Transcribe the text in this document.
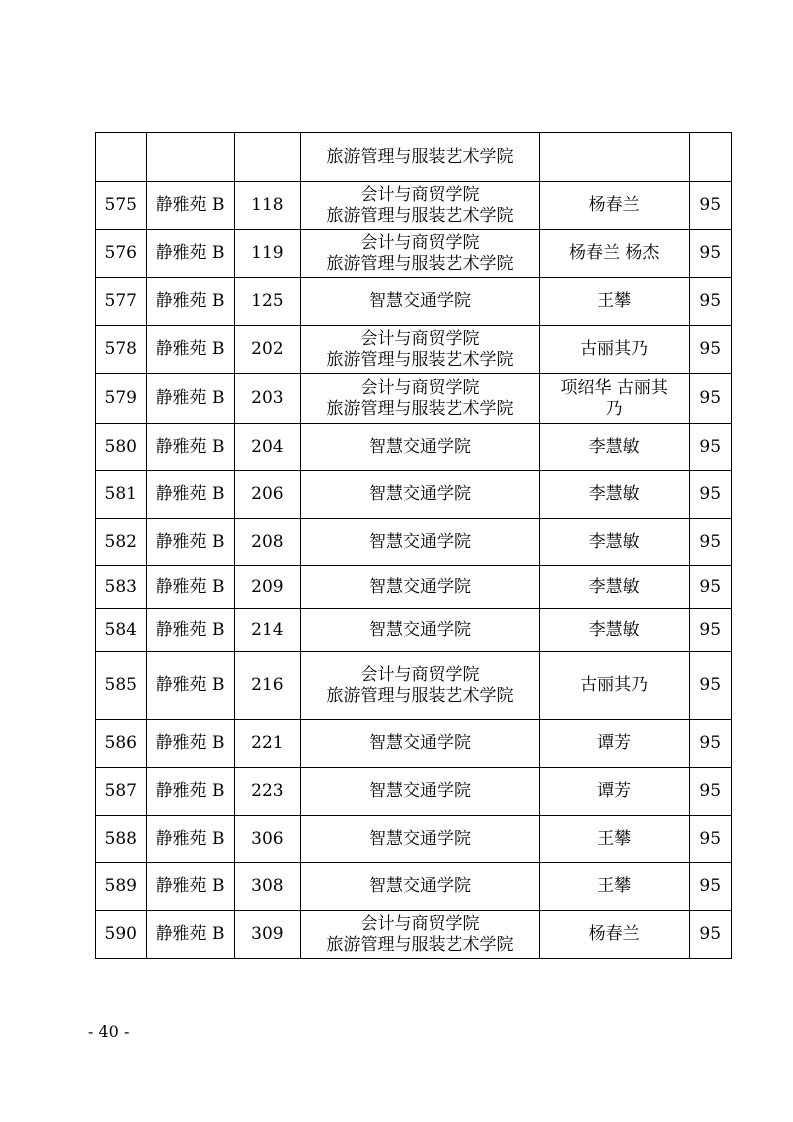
			旅游管理与服装艺术学院		

575	静雅苑 B	118	会计与商贸学院
旅游管理与服装艺术学院	杨春兰	95
576	静雅苑 B	119	会计与商贸学院
旅游管理与服装艺术学院	杨春兰 杨杰	95
577	静雅苑 B	125	智慧交通学院	王攀	95
578	静雅苑 B	202	会计与商贸学院
旅游管理与服装艺术学院	古丽其乃	95
579	静雅苑 B	203	会计与商贸学院
旅游管理与服装艺术学院	项绍华 古丽其
乃	95
580	静雅苑 B	204	智慧交通学院	李慧敏	95
581	静雅苑 B	206	智慧交通学院	李慧敏	95
582	静雅苑 B	208	智慧交通学院	李慧敏	95
583	静雅苑 B	209	智慧交通学院	李慧敏	95
584	静雅苑 B	214	智慧交通学院	李慧敏	95
585	静雅苑 B	216	会计与商贸学院
旅游管理与服装艺术学院	古丽其乃	95
586	静雅苑 B	221	智慧交通学院	谭芳	95
587	静雅苑 B	223	智慧交通学院	谭芳	95
588	静雅苑 B	306	智慧交通学院	王攀	95
589	静雅苑 B	308	智慧交通学院	王攀	95
590	静雅苑 B	309	会计与商贸学院
旅游管理与服装艺术学院	杨春兰	95
- 40 -
